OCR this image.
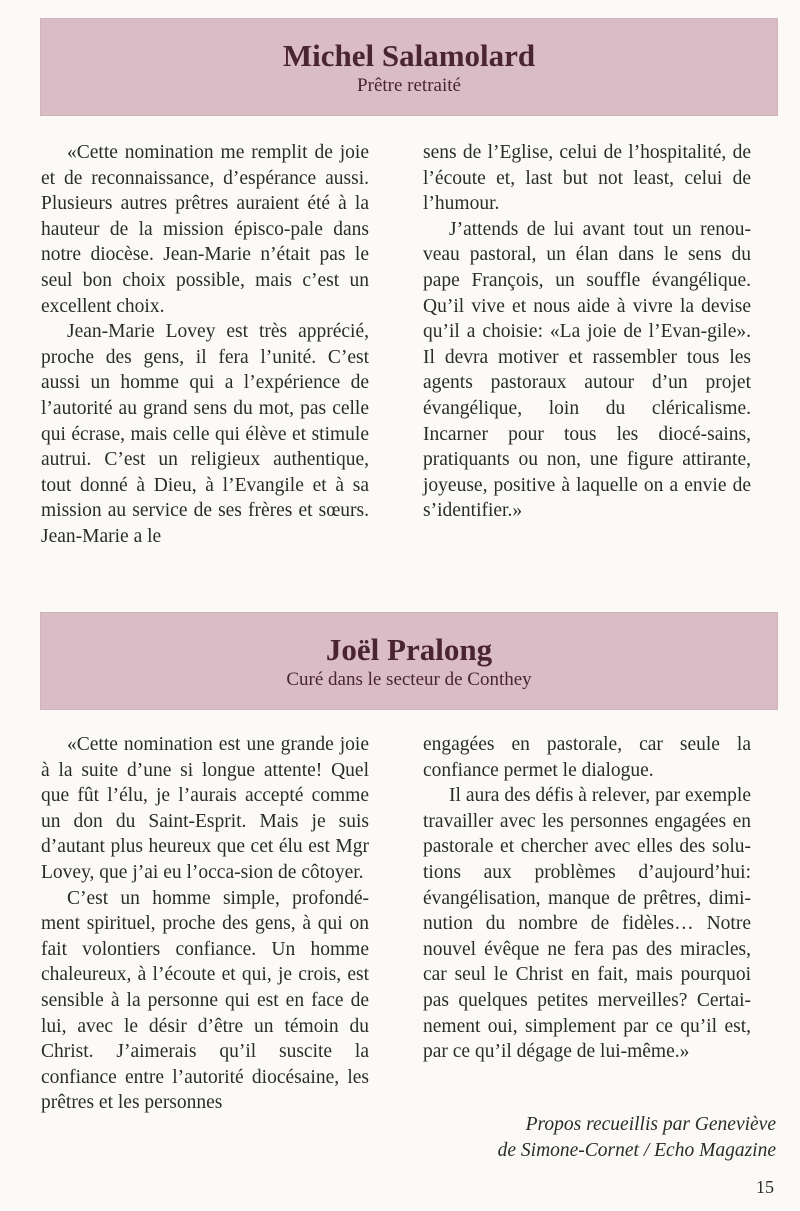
Michel Salamolard
Prêtre retraité

«Cette nomination me remplit de joie et de reconnaissance, d’espérance aussi. Plusieurs autres prêtres auraient été à la hauteur de la mission épisco-pale dans notre diocèse. Jean-Marie n’était pas le seul bon choix possible, mais c’est un excellent choix.

Jean-Marie Lovey est très apprécié, proche des gens, il fera l’unité. C’est aussi un homme qui a l’expérience de l’autorité au grand sens du mot, pas celle qui écrase, mais celle qui élève et stimule autrui. C’est un religieux authentique, tout donné à Dieu, à l’Evangile et à sa mission au service de ses frères et sœurs. Jean-Marie a le

sens de l’Eglise, celui de l’hospitalité, de l’écoute et, last but not least, celui de l’humour.

J’attends de lui avant tout un renou-veau pastoral, un élan dans le sens du pape François, un souffle évangélique. Qu’il vive et nous aide à vivre la devise qu’il a choisie: «La joie de l’Evan-gile». Il devra motiver et rassembler tous les agents pastoraux autour d’un projet évangélique, loin du cléricalisme. Incarner pour tous les diocé-sains, pratiquants ou non, une figure attirante, joyeuse, positive à laquelle on a envie de s’identifier.»

Joël Pralong
Curé dans le secteur de Conthey

«Cette nomination est une grande joie à la suite d’une si longue attente! Quel que fût l’élu, je l’aurais accepté comme un don du Saint-Esprit. Mais je suis d’autant plus heureux que cet élu est Mgr Lovey, que j’ai eu l’occa-sion de côtoyer.

C’est un homme simple, profondé-ment spirituel, proche des gens, à qui on fait volontiers confiance. Un homme chaleureux, à l’écoute et qui, je crois, est sensible à la personne qui est en face de lui, avec le désir d’être un témoin du Christ. J’aimerais qu’il suscite la confiance entre l’autorité diocésaine, les prêtres et les personnes

engagées en pastorale, car seule la confiance permet le dialogue.

Il aura des défis à relever, par exemple travailler avec les personnes engagées en pastorale et chercher avec elles des solu-tions aux problèmes d’aujourd’hui: évangélisation, manque de prêtres, dimi-nution du nombre de fidèles… Notre nouvel évêque ne fera pas des miracles, car seul le Christ en fait, mais pourquoi pas quelques petites merveilles? Certai-nement oui, simplement par ce qu’il est, par ce qu’il dégage de lui-même.»

Propos recueillis par Geneviève
de Simone-Cornet / Echo Magazine
15
